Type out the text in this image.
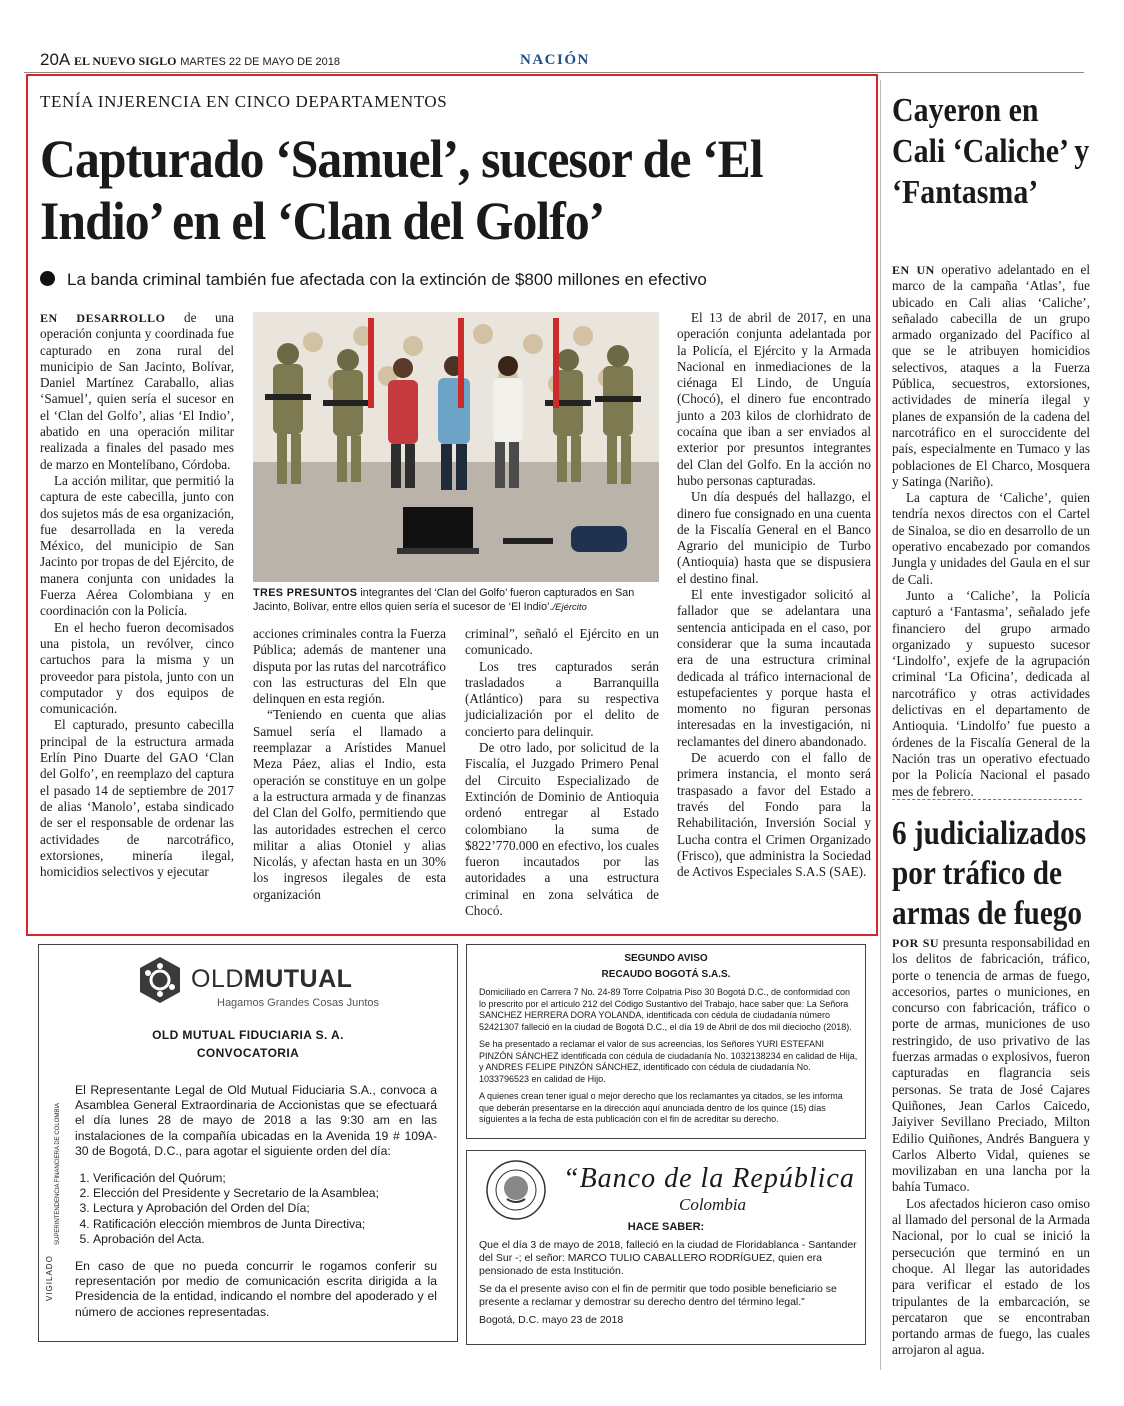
20A EL NUEVO SIGLO MARTES 22 DE MAYO DE 2018	NACIÓN
TENÍA INJERENCIA EN CINCO DEPARTAMENTOS
Capturado ‘Samuel’, sucesor de ‘El Indio’ en el ‘Clan del Golfo’
La banda criminal también fue afectada con la extinción de $800 millones en efectivo

EN DESARROLLO de una operación conjunta y coordinada fue capturado en zona rural del municipio de San Jacinto, Bolívar, Daniel Martínez Caraballo, alias ‘Samuel’, quien sería el sucesor en el ‘Clan del Golfo’, alias ‘El Indio’, abatido en una operación militar realizada a finales del pasado mes de marzo en Montelíbano, Córdoba.

La acción militar, que permitió la captura de este cabecilla, junto con dos sujetos más de esa organización, fue desarrollada en la vereda México, del municipio de San Jacinto por tropas de del Ejército, de manera conjunta con unidades la Fuerza Aérea Colombiana y en coordinación con la Policía.

En el hecho fueron decomisados una pistola, un revólver, cinco cartuchos para la misma y un proveedor para pistola, junto con un computador y dos equipos de comunicación.

El capturado, presunto cabecilla principal de la estructura armada Erlín Pino Duarte del GAO ‘Clan del Golfo’, en reemplazo del captura el pasado 14 de septiembre de 2017 de alias ‘Manolo’, estaba sindicado de ser el responsable de ordenar las actividades de narcotráfico, extorsiones, minería ilegal, homicidios selectivos y ejecutar

TRES PRESUNTOS integrantes del ‘Clan del Golfo’ fueron capturados en San Jacinto, Bolívar, entre ellos quien sería el sucesor de ‘El Indio’./Ejército

acciones criminales contra la Fuerza Pública; además de mantener una disputa por las rutas del narcotráfico con las estructuras del Eln que delinquen en esta región.

“Teniendo en cuenta que alias Samuel sería el llamado a reemplazar a Arístides Manuel Meza Páez, alias el Indio, esta operación se constituye en un golpe a la estructura armada y de finanzas del Clan del Golfo, permitiendo que las autoridades estrechen el cerco militar a alias Otoniel y alias Nicolás, y afectan hasta en un 30% los ingresos ilegales de esta organización

criminal”, señaló el Ejército en un comunicado.

Los tres capturados serán trasladados a Barranquilla (Atlántico) para su respectiva judicialización por el delito de concierto para delinquir.

De otro lado, por solicitud de la Fiscalía, el Juzgado Primero Penal del Circuito Especializado de Extinción de Dominio de Antioquia ordenó entregar al Estado colombiano la suma de $822’770.000 en efectivo, los cuales fueron incautados por las autoridades a una estructura criminal en zona selvática de Chocó.

El 13 de abril de 2017, en una operación conjunta adelantada por la Policía, el Ejército y la Armada Nacional en inmediaciones de la ciénaga El Lindo, de Unguía (Chocó), el dinero fue encontrado junto a 203 kilos de clorhidrato de cocaína que iban a ser enviados al exterior por presuntos integrantes del Clan del Golfo. En la acción no hubo personas capturadas.

Un día después del hallazgo, el dinero fue consignado en una cuenta de la Fiscalía General en el Banco Agrario del municipio de Turbo (Antioquia) hasta que se dispusiera el destino final.

El ente investigador solicitó al fallador que se adelantara una sentencia anticipada en el caso, por considerar que la suma incautada era de una estructura criminal dedicada al tráfico internacional de estupefacientes y porque hasta el momento no figuran personas interesadas en la investigación, ni reclamantes del dinero abandonado.

De acuerdo con el fallo de primera instancia, el monto será traspasado a favor del Estado a través del Fondo para la Rehabilitación, Inversión Social y Lucha contra el Crimen Organizado (Frisco), que administra la Sociedad de Activos Especiales S.A.S (SAE).

Cayeron en Cali ‘Caliche’ y ‘Fantasma’

EN UN operativo adelantado en el marco de la campaña ‘Atlas’, fue ubicado en Cali alias ‘Caliche’, señalado cabecilla de un grupo armado organizado del Pacífico al que se le atribuyen homicidios selectivos, ataques a la Fuerza Pública, secuestros, extorsiones, actividades de minería ilegal y planes de expansión de la cadena del narcotráfico en el suroccidente del país, especialmente en Tumaco y las poblaciones de El Charco, Mosquera y Satinga (Nariño).

La captura de ‘Caliche’, quien tendría nexos directos con el Cartel de Sinaloa, se dio en desarrollo de un operativo encabezado por comandos Jungla y unidades del Gaula en el sur de Cali.

Junto a ‘Caliche’, la Policía capturó a ‘Fantasma’, señalado jefe financiero del grupo armado organizado y supuesto sucesor ‘Lindolfo’, exjefe de la agrupación criminal ‘La Oficina’, dedicada al narcotráfico y otras actividades delictivas en el departamento de Antioquia. ‘Lindolfo’ fue puesto a órdenes de la Fiscalía General de la Nación tras un operativo efectuado por la Policía Nacional el pasado mes de febrero.

6 judicializados por tráfico de armas de fuego

POR SU presunta responsabilidad en los delitos de fabricación, tráfico, porte o tenencia de armas de fuego, accesorios, partes o municiones, en concurso con fabricación, tráfico o porte de armas, municiones de uso restringido, de uso privativo de las fuerzas armadas o explosivos, fueron capturadas en flagrancia seis personas. Se trata de José Cajares Quiñones, Jean Carlos Caicedo, Jaiyiver Sevillano Preciado, Milton Edilio Quiñones, Andrés Banguera y Carlos Alberto Vidal, quienes se movilizaban en una lancha por la bahía Tumaco.

Los afectados hicieron caso omiso al llamado del personal de la Armada Nacional, por lo cual se inició la persecución que terminó en un choque. Al llegar las autoridades para verificar el estado de los tripulantes de la embarcación, se percataron que se encontraban portando armas de fuego, las cuales arrojaron al agua.

OLDMUTUAL
Hagamos Grandes Cosas Juntos
OLD MUTUAL FIDUCIARIA S. A.
CONVOCATORIA

El Representante Legal de Old Mutual Fiduciaria S.A., convoca a Asamblea General Extraordinaria de Accionistas que se efectuará el día lunes 28 de mayo de 2018 a las 9:30 am en las instalaciones de la compañía ubicadas en la Avenida 19 # 109A-30 de Bogotá, D.C., para agotar el siguiente orden del día:

1. Verificación del Quórum;
2. Elección del Presidente y Secretario de la Asamblea;
3. Lectura y Aprobación del Orden del Día;
4. Ratificación elección miembros de Junta Directiva;
5. Aprobación del Acta.

En caso de que no pueda concurrir le rogamos conferir su representación por medio de comunicación escrita dirigida a la Presidencia de la entidad, indicando el nombre del apoderado y el número de acciones representadas.

VIGILADO
SUPERINTENDENCIA FINANCIERA DE COLOMBIA
SEGUNDO AVISO
RECAUDO BOGOTÁ S.A.S.

Domiciliado en Carrera 7 No. 24-89 Torre Colpatria Piso 30 Bogotá D.C., de conformidad con lo prescrito por el artículo 212 del Código Sustantivo del Trabajo, hace saber que: La Señora SANCHEZ HERRERA DORA YOLANDA, identificada con cédula de ciudadanía número 52421307 falleció en la ciudad de Bogotá D.C., el día 19 de Abril de dos mil dieciocho (2018).

Se ha presentado a reclamar el valor de sus acreencias, los Señores YURI ESTEFANI PINZÓN SÁNCHEZ identificada con cédula de ciudadanía No. 1032138234 en calidad de Hija, y ANDRES FELIPE PINZÓN SÁNCHEZ, identificado con cédula de ciudadanía No. 1033796523 en calidad de Hijo.

A quienes crean tener igual o mejor derecho que los reclamantes ya citados, se les informa que deberán presentarse en la dirección aquí anunciada dentro de los quince (15) días siguientes a la fecha de esta publicación con el fin de acreditar su derecho.

“Banco de la República
Colombia
HACE SABER:

Que el día 3 de mayo de 2018, falleció en la ciudad de Floridablanca - Santander del Sur -; el señor: MARCO TULIO CABALLERO RODRÍGUEZ, quien era pensionado de esta Institución.

Se da el presente aviso con el fin de permitir que todo posible beneficiario se presente a reclamar y demostrar su derecho dentro del término legal.”

Bogotá, D.C. mayo 23 de 2018
